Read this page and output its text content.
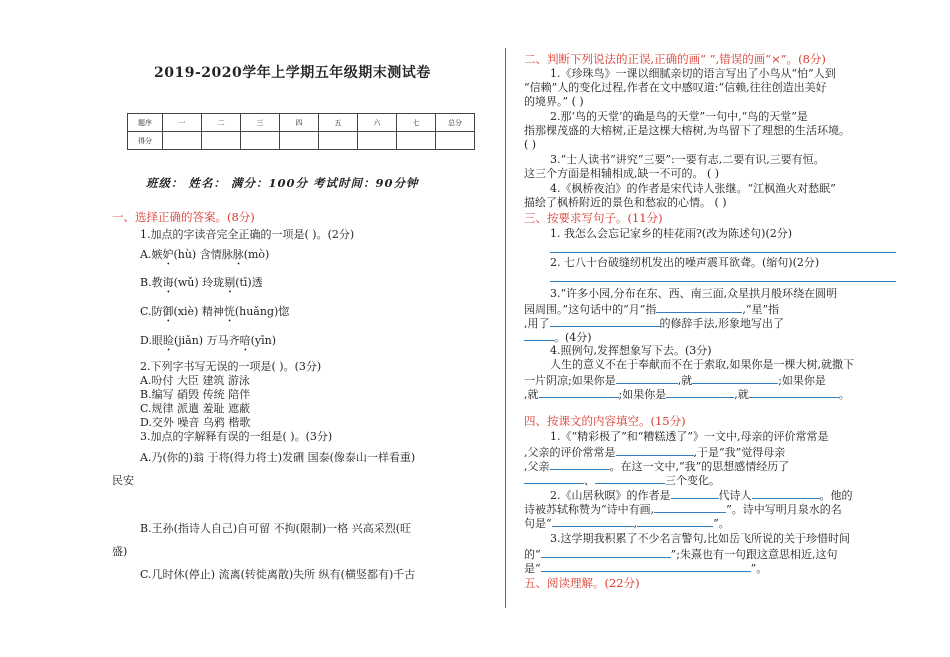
2019-2020学年上学期五年级期末测试卷
题序	一	二	三	四	五	六	七	总分
得分								
班级： 姓名： 满分：100分 考试时间：90分钟
一、选择正确的答案。(8分)
1.加点的字读音完全正确的一项是( )。(2分)
A.嫉妒(hù) 含情脉脉(mò)
B.教诲(wǔ) 玲珑剔(tī)透
C.防御(xiè) 精神恍(huǎng)惚
D.眼睑(jiǎn) 万马齐喑(yīn)
2.下列字书写无误的一项是( )。(3分)
A.吩付 大臣 建筑 游泳
B.编写 硝毁 传统 陪伴
C.规律 派遣 羞耻 遮蔽
D.交外 噪音 乌鸦 楷歌
3.加点的字解释有误的一组是( )。(3分)
A.乃(你的)翁 于将(得力将士)发硎 国泰(像泰山一样看重)
民安
B.王孙(指诗人自己)自可留 不拘(限制)一格 兴高采烈(旺
盛)
C.几时休(停止) 流离(转徙离散)失所 纵有(横竖都有)千古
二、判断下列说法的正误,正确的画“ ”,错误的画“×”。(8分)
1.《珍珠鸟》一课以细腻亲切的语言写出了小鸟从“怕”人到
“信赖”人的变化过程,作者在文中感叹道:“信赖,往往创造出美好
的境界。” ( )
2.那‘鸟的天堂’的确是鸟的天堂”一句中,“鸟的天堂”是
指那棵茂盛的大榕树,正是这棵大榕树,为鸟留下了理想的生活环境。
( )
3.“士人读书”讲究“三要”:一要有志,二要有识,三要有恒。
这三个方面是相辅相成,缺一不可的。 ( )
4.《枫桥夜泊》的作者是宋代诗人张继。“江枫渔火对愁眠”
描绘了枫桥附近的景色和愁寂的心情。 ( )
三、按要求写句子。(11分)
1. 我怎么会忘记家乡的桂花雨?(改为陈述句)(2分)
2. 七八十台破缝纫机发出的噪声震耳欲聋。(缩句)(2分)
3.“许多小园,分布在东、西、南三面,众星拱月般环绕在圆明
园周围。”这句话中的“月”指	,“星”指
,用了	的修辞手法,形象地写出了
。(4分)
4.照例句,发挥想象写下去。(3分)
人生的意义不在于奉献而不在于索取,如果你是一棵大树,就撒下
一片阴凉;如果你是	,就	;如果你是
,就	;如果你是	,就	。
四、按课文的内容填空。(15分)
1.《“精彩极了”和“糟糕透了”》一文中,母亲的评价常常是
,父亲的评价常常是	,于是“我”觉得母亲
,父亲	。在这一文中,“我”的思想感情经历了
、	三个变化。
2.《山居秋暝》的作者是	代诗人	。他的
诗被苏轼称赞为“诗中有画,	”。诗中写明月泉水的名
句是“	,	”。
3.这学期我积累了不少名言警句,比如岳飞所说的关于珍惜时间
的“	”;朱熹也有一句跟这意思相近,这句
是“	”。
五、阅读理解。(22分)
